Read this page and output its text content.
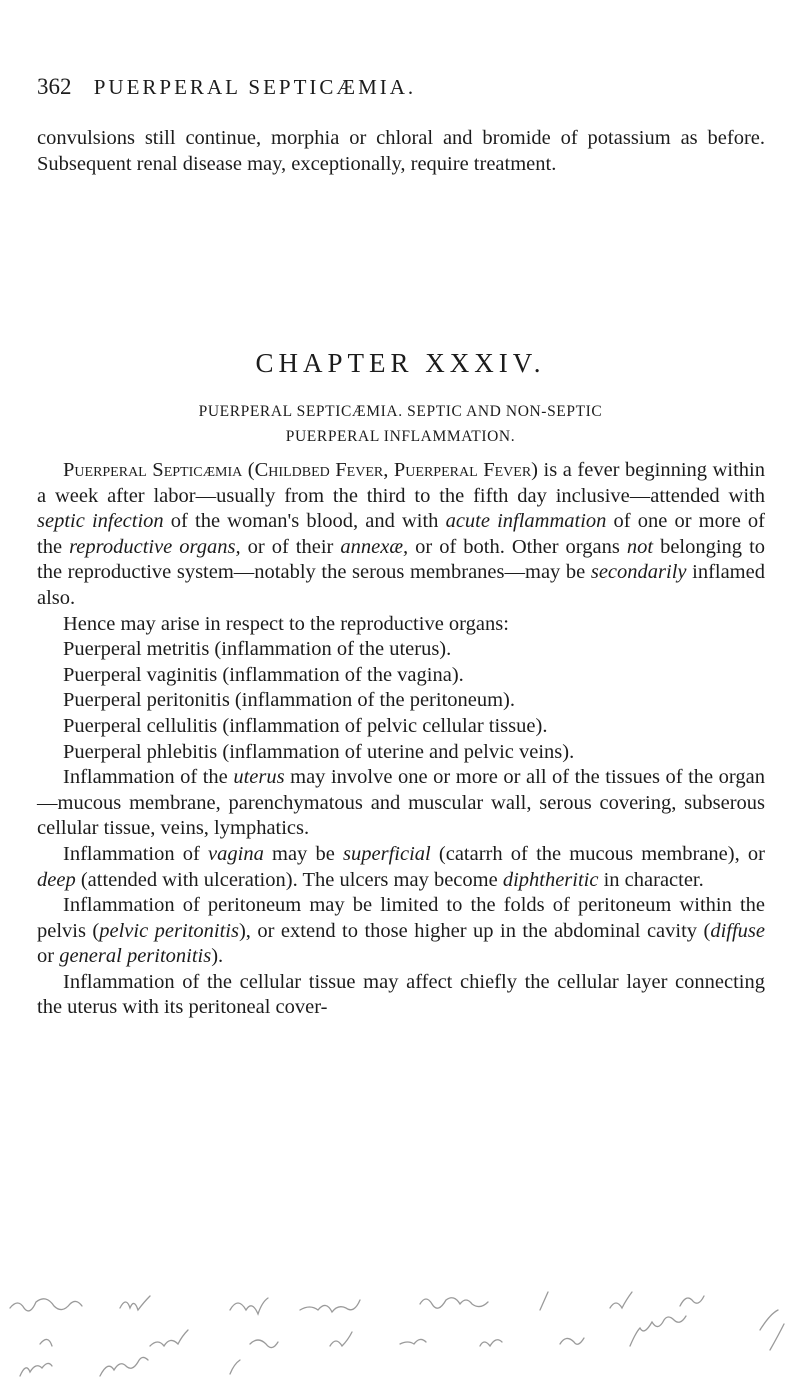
362 PUERPERAL SEPTICÆMIA.

convulsions still continue, morphia or chloral and bromide of potassium as before. Subsequent renal disease may, exceptionally, require treatment.

CHAPTER XXXIV.
PUERPERAL SEPTICÆMIA. SEPTIC AND NON-SEPTIC
PUERPERAL INFLAMMATION.

Puerperal Septicæmia (Childbed Fever, Puerperal Fever) is a fever beginning within a week after labor—usually from the third to the fifth day inclusive—attended with septic infection of the woman's blood, and with acute inflammation of one or more of the reproductive organs, or of their annexæ, or of both. Other organs not belonging to the reproductive system—notably the serous membranes—may be secondarily inflamed also.

Hence may arise in respect to the reproductive organs:

Puerperal metritis (inflammation of the uterus).

Puerperal vaginitis (inflammation of the vagina).

Puerperal peritonitis (inflammation of the peritoneum).

Puerperal cellulitis (inflammation of pelvic cellular tissue).

Puerperal phlebitis (inflammation of uterine and pelvic veins).

Inflammation of the uterus may involve one or more or all of the tissues of the organ—mucous membrane, parenchymatous and muscular wall, serous covering, subserous cellular tissue, veins, lymphatics.

Inflammation of vagina may be superficial (catarrh of the mucous membrane), or deep (attended with ulceration). The ulcers may become diphtheritic in character.

Inflammation of peritoneum may be limited to the folds of peritoneum within the pelvis (pelvic peritonitis), or extend to those higher up in the abdominal cavity (diffuse or general peritonitis).

Inflammation of the cellular tissue may affect chiefly the cellular layer connecting the uterus with its peritoneal cover-
